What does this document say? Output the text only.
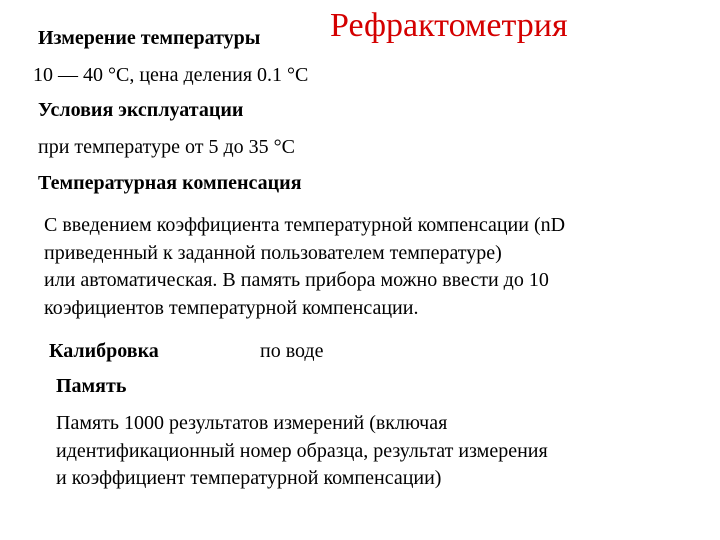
Рефрактометрия
Измерение температуры
10 — 40 °С, цена деления 0.1 °С
Условия эксплуатации
при температуре от 5 до 35 °С
Температурная компенсация
С введением коэффициента температурной компенсации (nD
приведенный к заданной пользователем температуре)
или автоматическая. В память прибора можно ввести до 10
коэфициентов температурной компенсации.
Калибровка	по воде
Память
Память 1000 результатов измерений (включая
идентификационный номер образца, результат измерения
и коэффициент температурной компенсации)
